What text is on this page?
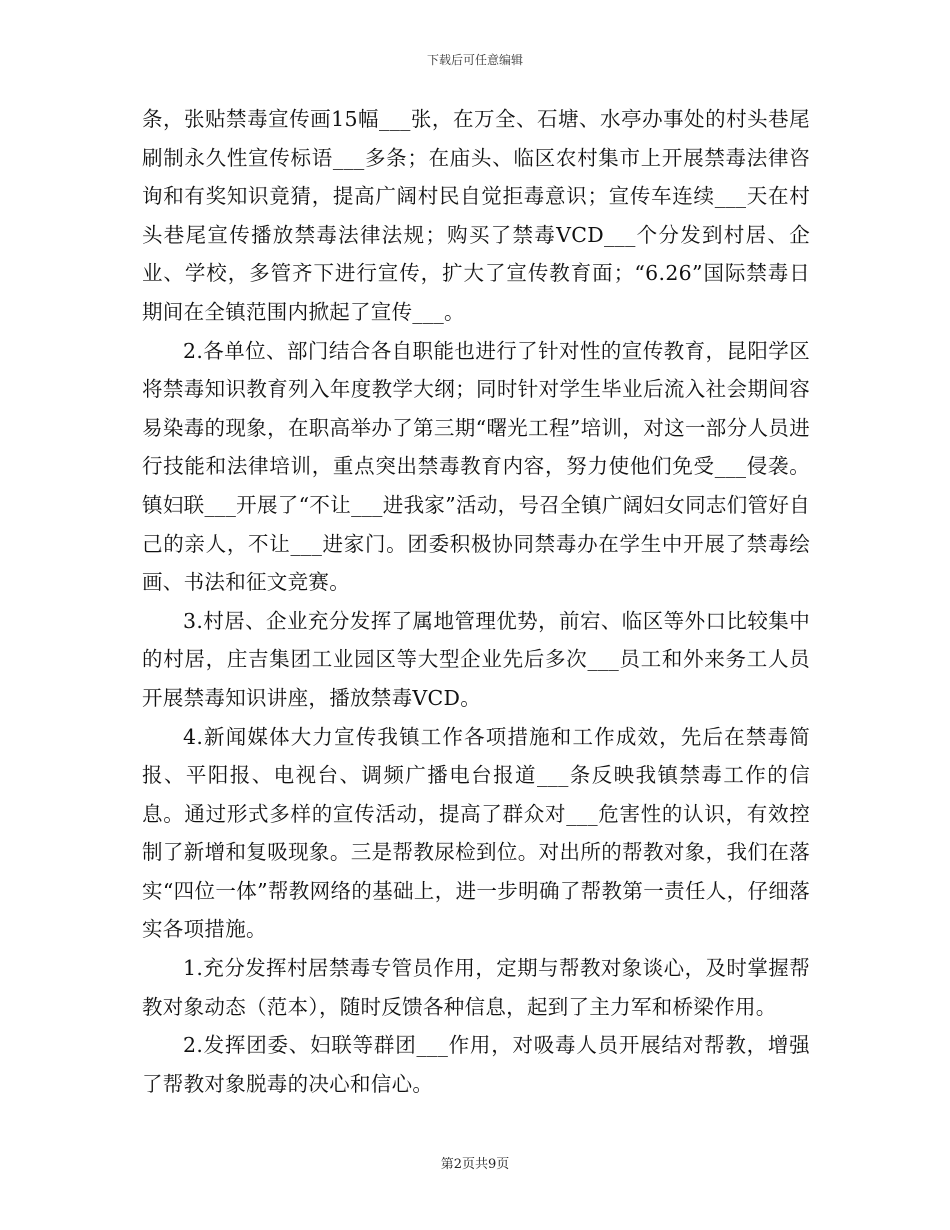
下载后可任意编辑

条，张贴禁毒宣传画15幅___张，在万全、石塘、水亭办事处的村头巷尾刷制永久性宣传标语___多条；在庙头、临区农村集市上开展禁毒法律咨询和有奖知识竟猜，提高广阔村民自觉拒毒意识；宣传车连续___天在村头巷尾宣传播放禁毒法律法规；购买了禁毒VCD___个分发到村居、企业、学校，多管齐下进行宣传，扩大了宣传教育面；“6.26”国际禁毒日期间在全镇范围内掀起了宣传___。

2.各单位、部门结合各自职能也进行了针对性的宣传教育，昆阳学区将禁毒知识教育列入年度教学大纲；同时针对学生毕业后流入社会期间容易染毒的现象，在职高举办了第三期“曙光工程”培训，对这一部分人员进行技能和法律培训，重点突出禁毒教育内容，努力使他们免受___侵袭。镇妇联___开展了“不让___进我家”活动，号召全镇广阔妇女同志们管好自己的亲人，不让___进家门。团委积极协同禁毒办在学生中开展了禁毒绘画、书法和征文竞赛。

3.村居、企业充分发挥了属地管理优势，前宕、临区等外口比较集中的村居，庄吉集团工业园区等大型企业先后多次___员工和外来务工人员开展禁毒知识讲座，播放禁毒VCD。

4.新闻媒体大力宣传我镇工作各项措施和工作成效，先后在禁毒简报、平阳报、电视台、调频广播电台报道___条反映我镇禁毒工作的信息。通过形式多样的宣传活动，提高了群众对___危害性的认识，有效控制了新增和复吸现象。三是帮教尿检到位。对出所的帮教对象，我们在落实“四位一体”帮教网络的基础上，进一步明确了帮教第一责任人，仔细落实各项措施。

1.充分发挥村居禁毒专管员作用，定期与帮教对象谈心，及时掌握帮教对象动态（范本），随时反馈各种信息，起到了主力军和桥梁作用。

2.发挥团委、妇联等群团___作用，对吸毒人员开展结对帮教，增强了帮教对象脱毒的决心和信心。

第2页共9页
